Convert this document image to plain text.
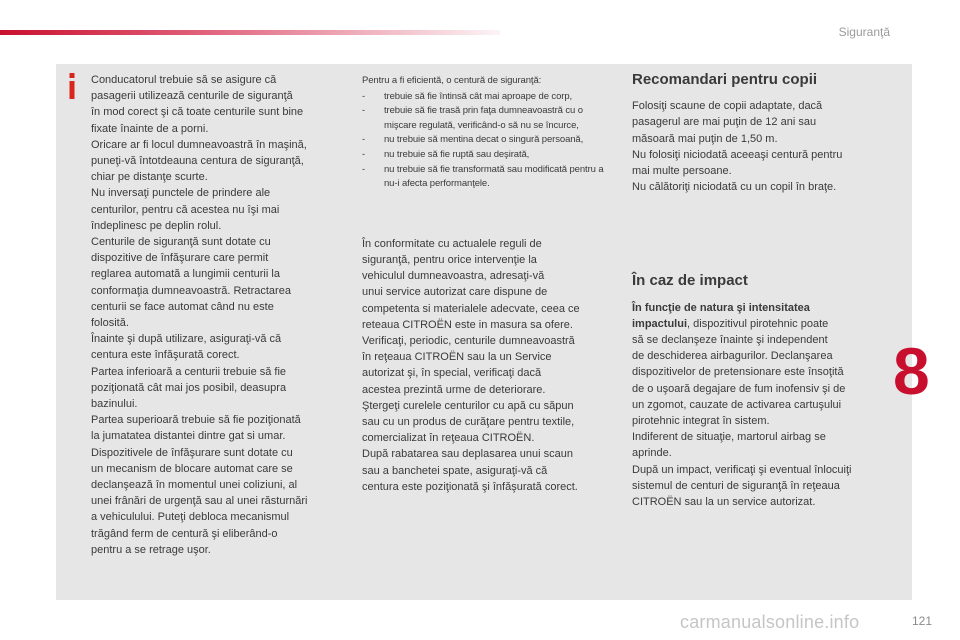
Siguranţă

Conducatorul trebuie să se asigure că
pasagerii utilizează centurile de siguranţă
în mod corect şi că toate centurile sunt bine
fixate înainte de a porni.
Oricare ar fi locul dumneavoastră în maşină,
puneţi-vă întotdeauna centura de siguranţă,
chiar pe distanţe scurte.
Nu inversaţi punctele de prindere ale
centurilor, pentru că acestea nu îşi mai
îndeplinesc pe deplin rolul.
Centurile de siguranţă sunt dotate cu
dispozitive de înfăşurare care permit
reglarea automată a lungimii centurii la
conformaţia dumneavoastră. Retractarea
centurii se face automat când nu este
folosită.
Înainte şi după utilizare, asiguraţi-vă că
centura este înfăşurată corect.
Partea inferioară a centurii trebuie să fie
poziţionată cât mai jos posibil, deasupra
bazinului.
Partea superioară trebuie să fie poziţionată
la jumatatea distantei dintre gat si umar.
Dispozitivele de înfăşurare sunt dotate cu
un mecanism de blocare automat care se
declanşează în momentul unei coliziuni, al
unei frânări de urgenţă sau al unei răsturnări
a vehiculului. Puteţi debloca mecanismul
trăgând ferm de centură şi eliberând-o
pentru a se retrage uşor.

Pentru a fi eficientă, o centură de siguranţă:
-	trebuie să fie întinsă cât mai aproape de corp,
-	trebuie să fie trasă prin faţa dumneavoastră cu o mişcare regulată, verificând-o să nu se încurce,
-	nu trebuie să mentina decat o singură persoană,
-	nu trebuie să fie ruptă sau deşirată,
-	nu trebuie să fie transformată sau modificată pentru a nu-i afecta performanţele.

În conformitate cu actualele reguli de
siguranţă, pentru orice intervenţie la
vehiculul dumneavoastra, adresaţi-vă
unui service autorizat care dispune de
competenta si materialele adecvate, ceea ce
reteaua CITROËN este in masura sa ofere.
Verificaţi, periodic, centurile dumneavoastră
în reţeaua CITROËN sau la un Service
autorizat şi, în special, verificaţi dacă
acestea prezintă urme de deteriorare.
Ştergeţi curelele centurilor cu apă cu săpun
sau cu un produs de curăţare pentru textile,
comercializat în reţeaua CITROËN.
După rabatarea sau deplasarea unui scaun
sau a banchetei spate, asiguraţi-vă că
centura este poziţionată şi înfăşurată corect.

Recomandari pentru copii

Folosiţi scaune de copii adaptate, dacă
pasagerul are mai puţin de 12 ani sau
măsoară mai puţin de 1,50 m.
Nu folosiţi niciodată aceeaşi centură pentru
mai multe persoane.
Nu călătoriţi niciodată cu un copil în braţe.

În caz de impact

În funcţie de natura şi intensitatea
impactului, dispozitivul pirotehnic poate
să se declanşeze înainte şi independent
de deschiderea airbagurilor. Declanşarea
dispozitivelor de pretensionare este însoţită
de o uşoară degajare de fum inofensiv şi de
un zgomot, cauzate de activarea cartuşului
pirotehnic integrat în sistem.
Indiferent de situaţie, martorul airbag se
aprinde.
După un impact, verificaţi şi eventual înlocuiţi
sistemul de centuri de siguranţă în reţeaua
CITROËN sau la un service autorizat.

8
carmanualsonline.info	121
